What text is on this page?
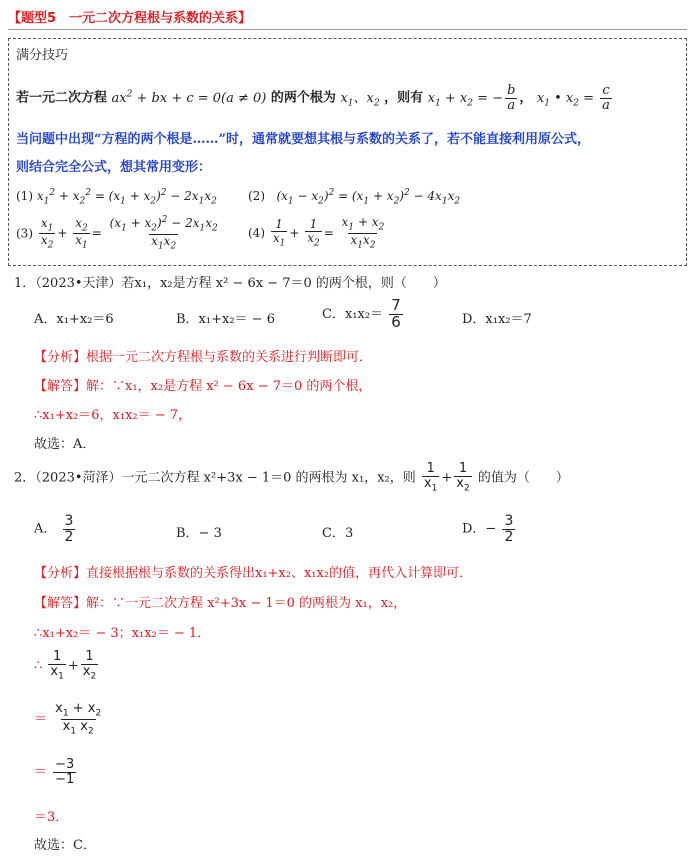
【题型5　一元二次方程根与系数的关系】
满分技巧
若一元二次方程 $ax^2$ + bx + c = 0(a ≠ 0) 的两个根为 $x_1$、$x_2$ ，则有 $x_1 + x_2$ = − $\frac{b}{a}$ ， $x_1$ • $x_2 = \frac{c}{a}$
当问题中出现“方程的两个根是……”时，通常就要想其根与系数的关系了，若不能直接利用原公式，
则结合完全公式，想其常用变形：
(1) $x_1^2 + x_2^2 = (x_1 + x_2)^2 - 2x_1x_2$	(2) $(x_1 - x_2)^2 = (x_1 + x_2)^2 - 4x_1x_2$
$(3) \frac{x_1}{x_2} + \frac{x_2}{x_1} = \frac{(x_1 + x_2)^2 - 2x_1x_2}{x_1x_2} (4) \frac{1}{x_1} + \frac{1}{x_2} = \frac{x_1 + x_2}{x_1x_2}$
1．（2023•天津）若x₁，x₂是方程 x² − 6x − 7＝0 的两个根，则（　　）
A．x₁+x₂＝6	B．x₁+x₂＝ − 6	C．$x_1x_2= \frac{7}{6}$	D．x₁x₂＝7
【分析】根据一元二次方程根与系数的关系进行判断即可．
【解答】解：∵x₁，x₂是方程 x² − 6x − 7＝0 的两个根，
∴x₁+x₂＝6，x₁x₂＝ − 7，
故选：A．
2．（2023•菏泽）一元二次方程 x²+3x − 1＝0 的两根为 x₁，x₂，则 $\frac{1}{x_1} + \frac{1}{x_2}$ 的值为（　　）
A． $\frac{3}{2}$	B．− 3	C．3	D．− $\frac{3}{2}$
【分析】直接根据根与系数的关系得出x₁+x₂、x₁x₂的值，再代入计算即可．
【解答】解：∵一元二次方程 x²+3x − 1＝0 的两根为 x₁，x₂，
∴x₁+x₂＝ − 3；x₁x₂＝ − 1．
∴ $\frac{1}{x_1} + \frac{1}{x_2}$
＝ $\frac{x_1 + x_2}{x_1 x_2}$
＝ $\frac{-3}{-1}$
＝3．
故选：C．
